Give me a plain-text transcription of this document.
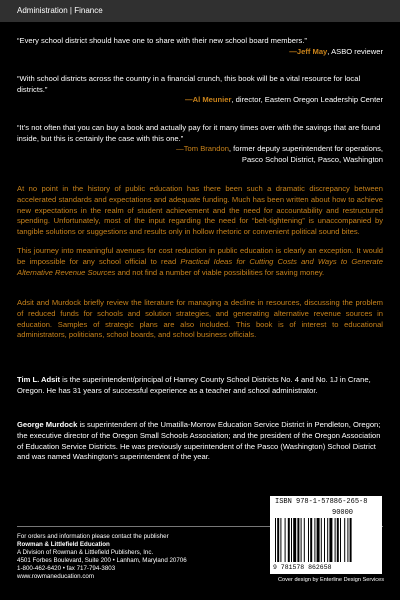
Administration | Finance

“Every school district should have one to share with their new school board members.”

—Jeff May, ASBO reviewer

“With school districts across the country in a financial crunch, this book will be a vital resource for local districts.”

—Al Meunier, director, Eastern Oregon Leadership Center

“It’s not often that you can buy a book and actually pay for it many times over with the savings that are found inside, but this is certainly the case with this one.”

—Tom Brandon, former deputy superintendent for operations,

Pasco School District, Pasco, Washington

At no point in the history of public education has there been such a dramatic discrepancy between accelerated standards and expectations and adequate funding. Much has been written about how to achieve new expectations in the realm of student achievement and the need for accountability and restructured spending. Unfortunately, most of the input regarding the need for “belt-tightening” is unaccompanied by tangible solutions or suggestions and results only in hollow rhetoric or convenient political sound bites.

This journey into meaningful avenues for cost reduction in public education is clearly an exception. It would be impossible for any school official to read Practical Ideas for Cutting Costs and Ways to Generate Alternative Revenue Sources and not find a number of viable possibilities for saving money.

Adsit and Murdock briefly review the literature for managing a decline in resources, discussing the problem of reduced funds for schools and solution strategies, and generating alternative revenue sources in education. Samples of strategic plans are also included. This book is of interest to educational administrators, politicians, school boards, and school business officials.

Tim L. Adsit is the superintendent/principal of Harney County School Districts No. 4 and No. 1J in Crane, Oregon. He has 31 years of successful experience as a teacher and school administrator.

George Murdock is superintendent of the Umatilla-Morrow Education Service District in Pendleton, Oregon; the executive director of the Oregon Small Schools Association; and the president of the Oregon Association of Education Service Districts. He was previously superintendent of the Pasco (Washington) School District and was named Washington’s superintendent of the year.

For orders and information please contact the publisher
Rowman & Littlefield Education
A Division of Rowman & Littlefield Publishers, Inc.
4501 Forbes Boulevard, Suite 200 • Lanham, Maryland 20706
1-800-462-6420 • fax 717-794-3803
www.rowmaneducation.com
ISBN 978-1-57886-265-8
90000
9 781578 862658
Cover design by Enterline Design Services
